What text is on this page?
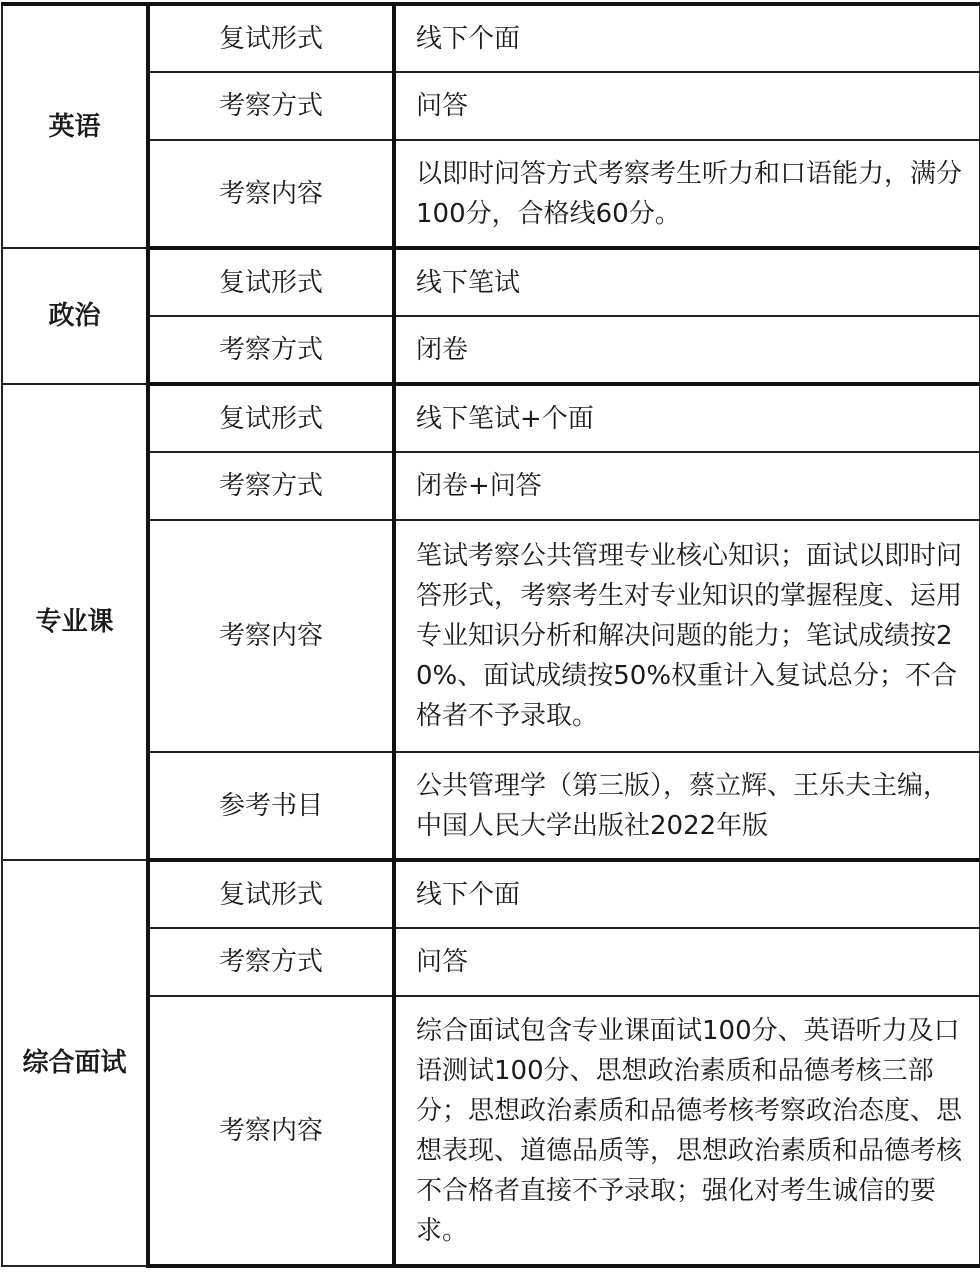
英语	复试形式	线下个面
	考察方式	问答
	考察内容	以即时问答方式考察考生听力和口语能力，满分100分，合格线60分。
政治	复试形式	线下笔试
	考察方式	闭卷
专业课	复试形式	线下笔试+个面
	考察方式	闭卷+问答
	考察内容	笔试考察公共管理专业核心知识；面试以即时问答形式，考察考生对专业知识的掌握程度、运用专业知识分析和解决问题的能力；笔试成绩按20%、面试成绩按50%权重计入复试总分；不合格者不予录取。
	参考书目	公共管理学（第三版），蔡立辉、王乐夫主编，中国人民大学出版社2022年版
综合面试	复试形式	线下个面
	考察方式	问答
	考察内容	综合面试包含专业课面试100分、英语听力及口语测试100分、思想政治素质和品德考核三部分；思想政治素质和品德考核考察政治态度、思想表现、道德品质等，思想政治素质和品德考核不合格者直接不予录取；强化对考生诚信的要求。
